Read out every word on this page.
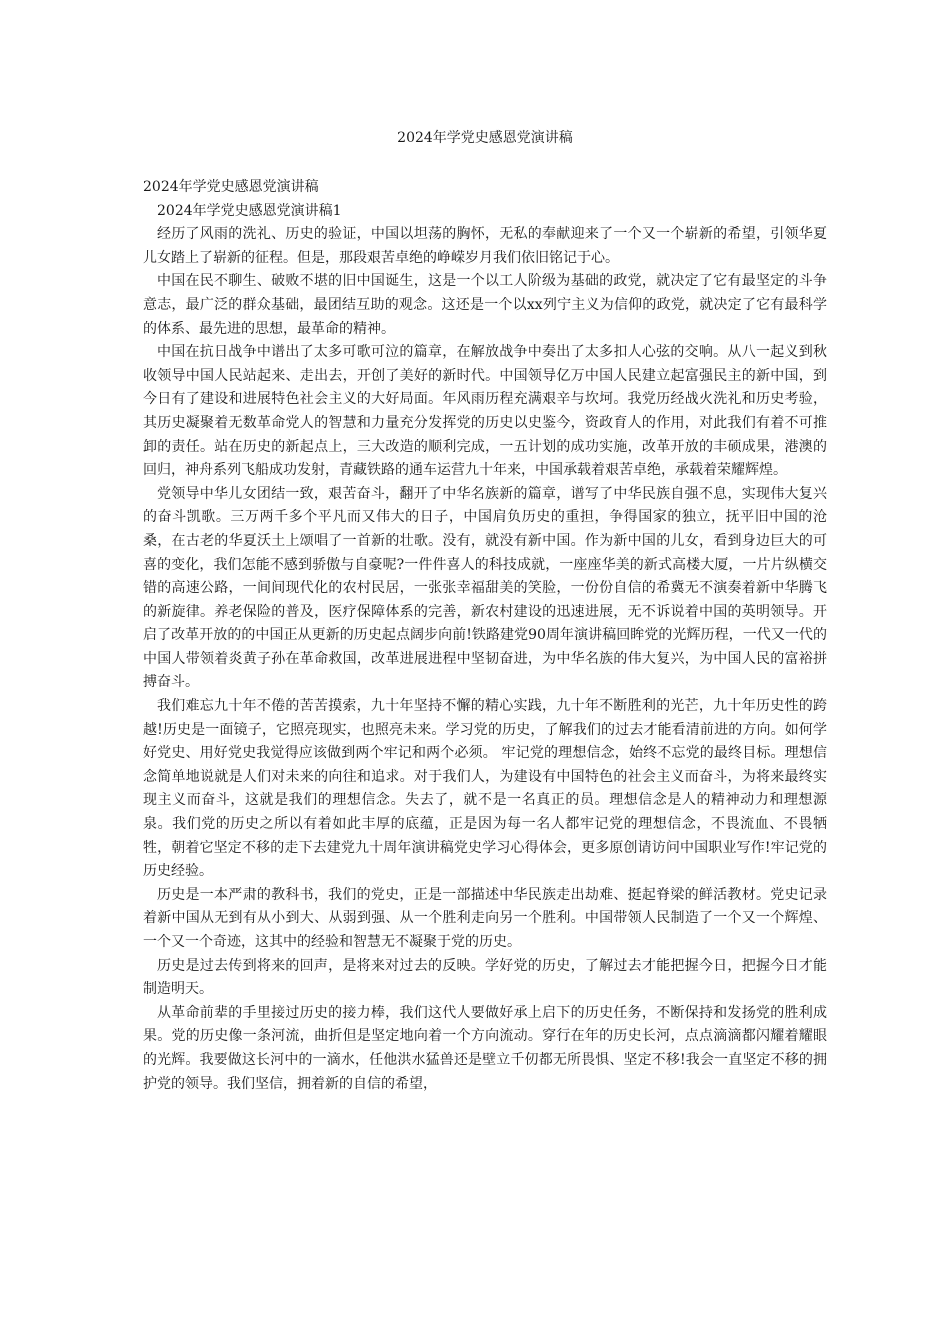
2024年学党史感恩党演讲稿

2024年学党史感恩党演讲稿

2024年学党史感恩党演讲稿1

经历了风雨的洗礼、历史的验证，中国以坦荡的胸怀，无私的奉献迎来了一个又一个崭新的希望，引领华夏儿女踏上了崭新的征程。但是，那段艰苦卓绝的峥嵘岁月我们依旧铭记于心。

中国在民不聊生、破败不堪的旧中国诞生，这是一个以工人阶级为基础的政党，就决定了它有最坚定的斗争意志，最广泛的群众基础，最团结互助的观念。这还是一个以xx列宁主义为信仰的政党，就决定了它有最科学的体系、最先进的思想，最革命的精神。

中国在抗日战争中谱出了太多可歌可泣的篇章，在解放战争中奏出了太多扣人心弦的交响。从八一起义到秋收领导中国人民站起来、走出去，开创了美好的新时代。中国领导亿万中国人民建立起富强民主的新中国，到今日有了建设和进展特色社会主义的大好局面。年风雨历程充满艰辛与坎坷。我党历经战火洗礼和历史考验，其历史凝聚着无数革命党人的智慧和力量充分发挥党的历史以史鉴今，资政育人的作用，对此我们有着不可推卸的责任。站在历史的新起点上，三大改造的顺利完成，一五计划的成功实施，改革开放的丰硕成果，港澳的回归，神舟系列飞船成功发射，青藏铁路的通车运营九十年来，中国承载着艰苦卓绝，承载着荣耀辉煌。

党领导中华儿女团结一致，艰苦奋斗，翻开了中华名族新的篇章，谱写了中华民族自强不息，实现伟大复兴的奋斗凯歌。三万两千多个平凡而又伟大的日子，中国肩负历史的重担，争得国家的独立，抚平旧中国的沧桑，在古老的华夏沃土上颂唱了一首新的壮歌。没有，就没有新中国。作为新中国的儿女，看到身边巨大的可喜的变化，我们怎能不感到骄傲与自豪呢?一件件喜人的科技成就，一座座华美的新式高楼大厦，一片片纵横交错的高速公路，一间间现代化的农村民居，一张张幸福甜美的笑脸，一份份自信的希冀无不演奏着新中华腾飞的新旋律。养老保险的普及，医疗保障体系的完善，新农村建设的迅速进展，无不诉说着中国的英明领导。开启了改革开放的的中国正从更新的历史起点阔步向前!铁路建党90周年演讲稿回眸党的光辉历程，一代又一代的中国人带领着炎黄子孙在革命救国，改革进展进程中坚韧奋进，为中华名族的伟大复兴，为中国人民的富裕拼搏奋斗。

我们难忘九十年不倦的苦苦摸索，九十年坚持不懈的精心实践，九十年不断胜利的光芒，九十年历史性的跨越!历史是一面镜子，它照亮现实，也照亮未来。学习党的历史，了解我们的过去才能看清前进的方向。如何学好党史、用好党史我觉得应该做到两个牢记和两个必须。 牢记党的理想信念，始终不忘党的最终目标。理想信念简单地说就是人们对未来的向往和追求。对于我们人，为建设有中国特色的社会主义而奋斗，为将来最终实现主义而奋斗，这就是我们的理想信念。失去了，就不是一名真正的员。理想信念是人的精神动力和理想源泉。我们党的历史之所以有着如此丰厚的底蕴，正是因为每一名人都牢记党的理想信念，不畏流血、不畏牺牲，朝着它坚定不移的走下去建党九十周年演讲稿党史学习心得体会，更多原创请访问中国职业写作!牢记党的历史经验。

历史是一本严肃的教科书，我们的党史，正是一部描述中华民族走出劫难、挺起脊梁的鲜活教材。党史记录着新中国从无到有从小到大、从弱到强、从一个胜利走向另一个胜利。中国带领人民制造了一个又一个辉煌、一个又一个奇迹，这其中的经验和智慧无不凝聚于党的历史。

历史是过去传到将来的回声，是将来对过去的反映。学好党的历史，了解过去才能把握今日，把握今日才能制造明天。

从革命前辈的手里接过历史的接力棒，我们这代人要做好承上启下的历史任务，不断保持和发扬党的胜利成果。党的历史像一条河流，曲折但是坚定地向着一个方向流动。穿行在年的历史长河，点点滴滴都闪耀着耀眼的光辉。我要做这长河中的一滴水，任他洪水猛兽还是壁立千仞都无所畏惧、坚定不移!我会一直坚定不移的拥护党的领导。我们坚信，拥着新的自信的希望，
